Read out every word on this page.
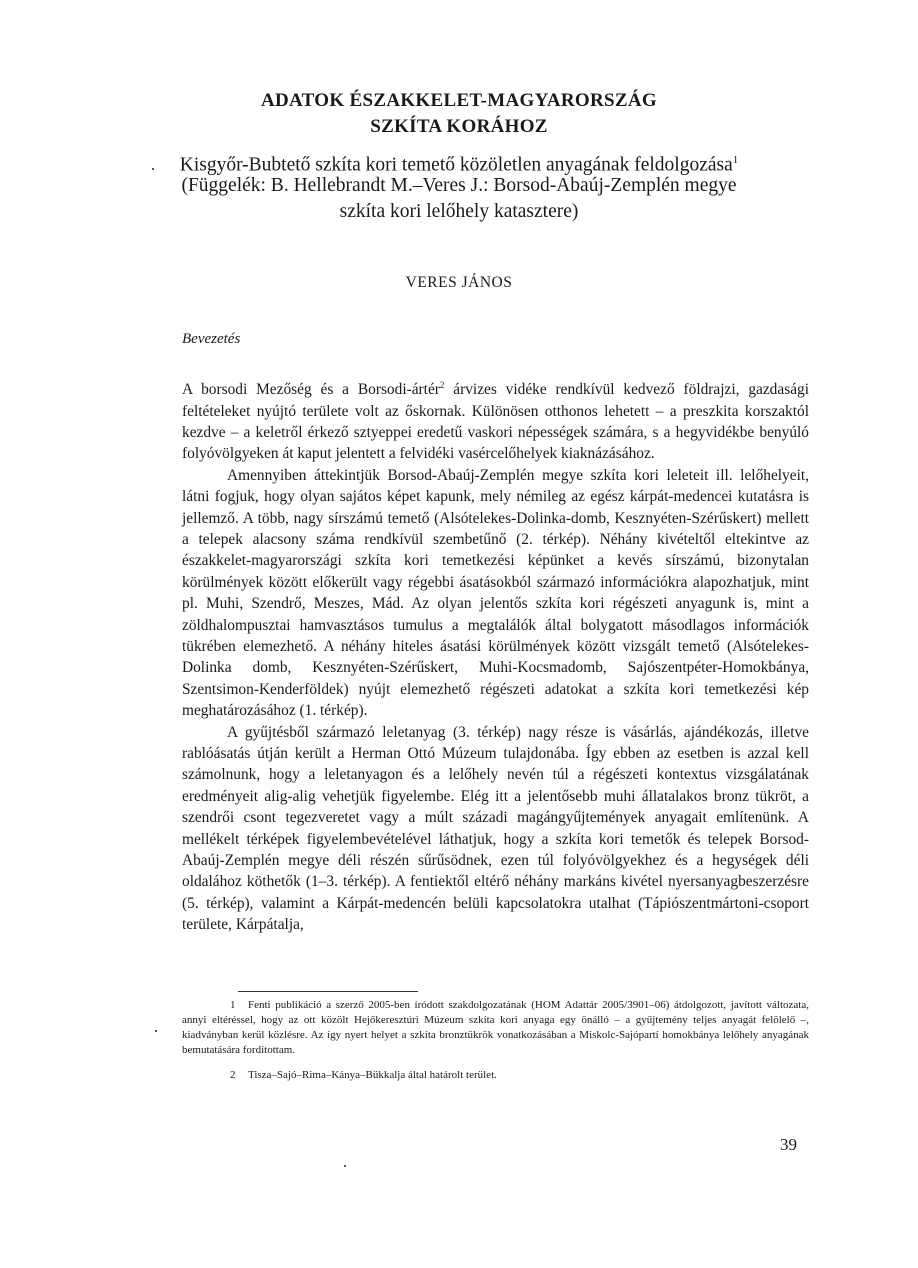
ADATOK ÉSZAKKELET-MAGYARORSZÁG
SZKÍTA KORÁHOZ
Kisgyőr-Bubtető szkíta kori temető közöletlen anyagának feldolgozása$^1$
(Függelék: B. Hellebrandt M.–Veres J.: Borsod-Abaúj-Zemplén megye
szkíta kori lelőhely katasztere)
VERES JÁNOS
Bevezetés

A borsodi Mezőség és a Borsodi-ártér$^2$ árvizes vidéke rendkívül kedvező földrajzi, gazdasági feltételeket nyújtó területe volt az őskornak. Különösen otthonos lehetett – a preszkita korszaktól kezdve – a keletről érkező sztyeppei eredetű vaskori népességek számára, s a hegyvidékbe benyúló folyóvölgyeken át kaput jelentett a felvidéki vasércelőhelyek kiaknázásához.

Amennyiben áttekintjük Borsod-Abaúj-Zemplén megye szkíta kori leleteit ill. lelőhelyeit, látni fogjuk, hogy olyan sajátos képet kapunk, mely némileg az egész kárpát-medencei kutatásra is jellemző. A több, nagy sírszámú temető (Alsótelekes-Dolinka-domb, Kesznyéten-Szérűskert) mellett a telepek alacsony száma rendkívül szembetűnő (2. térkép). Néhány kivételtől eltekintve az északkelet-magyarországi szkíta kori temetkezési képünket a kevés sírszámú, bizonytalan körülmények között előkerült vagy régebbi ásatásokból származó információkra alapozhatjuk, mint pl. Muhi, Szendrő, Meszes, Mád. Az olyan jelentős szkíta kori régészeti anyagunk is, mint a zöldhalompusztai hamvasztásos tumulus a megtalálók által bolygatott másodlagos információk tükrében elemezhető. A néhány hiteles ásatási körülmények között vizsgált temető (Alsótelekes-Dolinka domb, Kesznyéten-Szérűskert, Muhi-Kocsmadomb, Sajószentpéter-Homokbánya, Szentsimon-Kenderföldek) nyújt elemezhető régészeti adatokat a szkíta kori temetkezési kép meghatározásához (1. térkép).

A gyűjtésből származó leletanyag (3. térkép) nagy része is vásárlás, ajándékozás, illetve rablóásatás útján került a Herman Ottó Múzeum tulajdonába. Így ebben az esetben is azzal kell számolnunk, hogy a leletanyagon és a lelőhely nevén túl a régészeti kontextus vizsgálatának eredményeit alig-alig vehetjük figyelembe. Elég itt a jelentősebb muhi állatalakos bronz tükröt, a szendrői csont tegezveretet vagy a múlt századi magángyűjtemények anyagait említenünk. A mellékelt térképek figyelembevételével láthatjuk, hogy a szkíta kori temetők és telepek Borsod-Abaúj-Zemplén megye déli részén sűrűsödnek, ezen túl folyóvölgyekhez és a hegységek déli oldalához köthetők (1–3. térkép). A fentiektől eltérő néhány markáns kivétel nyersanyagbeszerzésre (5. térkép), valamint a Kárpát-medencén belüli kapcsolatokra utalhat (Tápiószentmártoni-csoport területe, Kárpátalja,

1 Fenti publikáció a szerző 2005-ben íródott szakdolgozatának (HOM Adattár 2005/3901–06) átdolgozott, javított változata, annyi eltéréssel, hogy az ott közölt Hejőkeresztúri Múzeum szkíta kori anyaga egy önálló – a gyűjtemény teljes anyagát felölelő –, kiadványban kerül közlésre. Az így nyert helyet a szkíta bronztükrök vonatkozásában a Miskolc-Sajópartí homokbánya lelőhely anyagának bemutatására fordítottam.
2 Tisza–Sajó–Rima–Kánya–Bükkalja által határolt terület.
39
